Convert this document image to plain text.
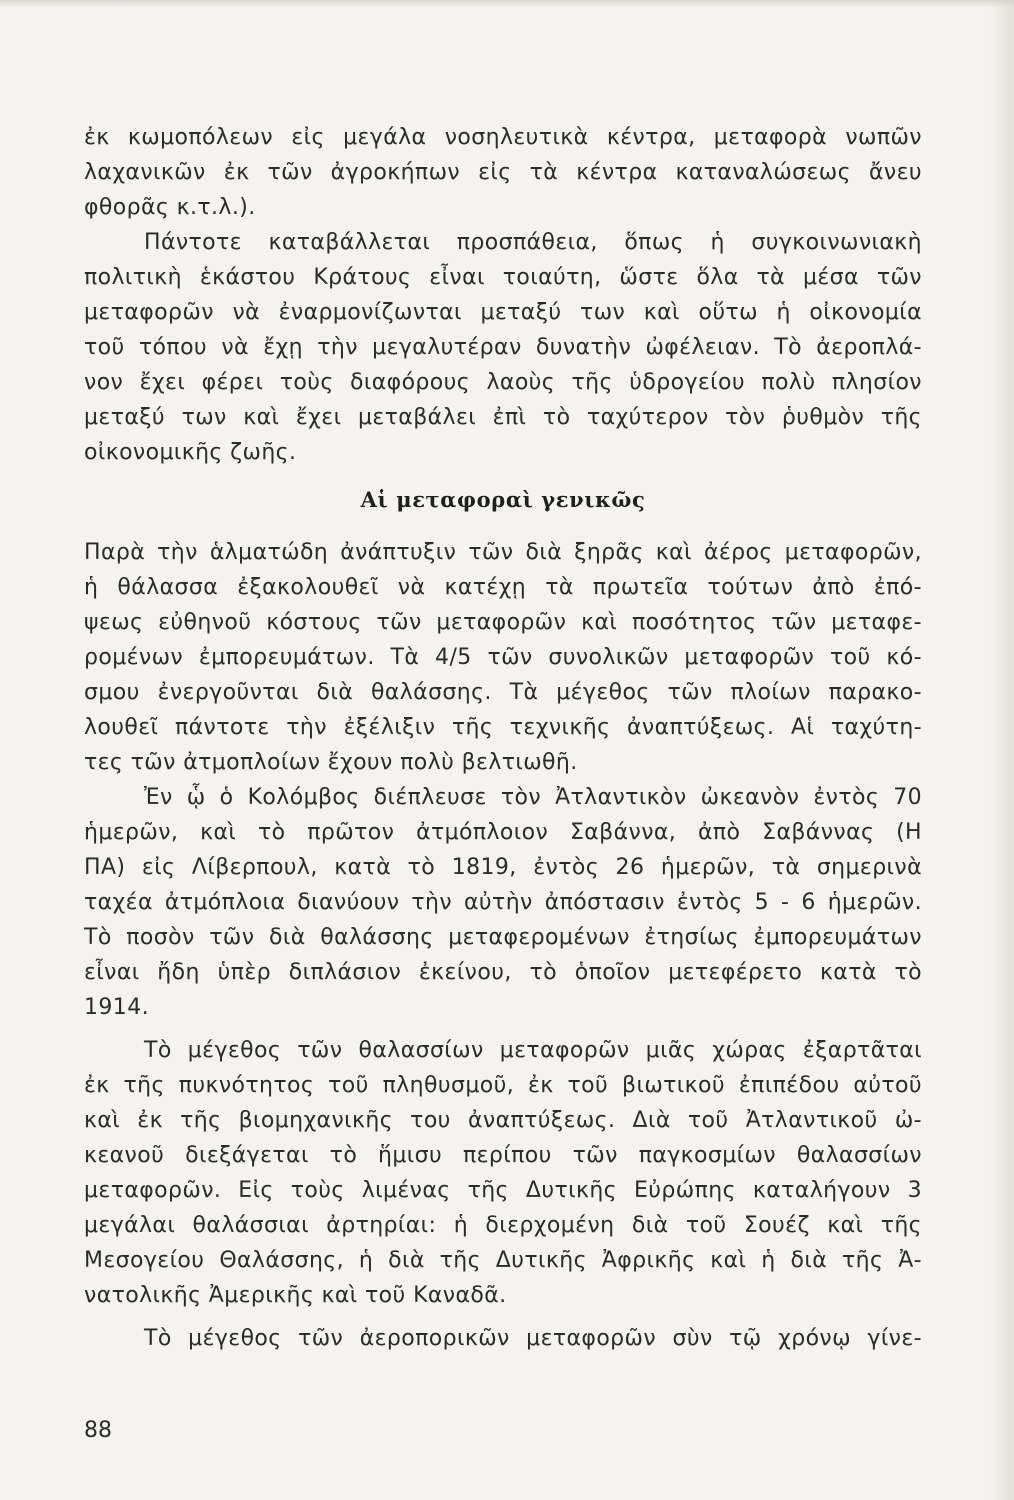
ἐκ κωμοπόλεων εἰς μεγάλα νοσηλευτικὰ κέντρα, μεταφορὰ νωπῶν
λαχανικῶν ἐκ τῶν ἀγροκήπων εἰς τὰ κέντρα καταναλώσεως ἄνευ
φθορᾶς κ.τ.λ.).
Πάντοτε καταβάλλεται προσπάθεια, ὅπως ἡ συγκοινωνιακὴ
πολιτικὴ ἑκάστου Κράτους εἶναι τοιαύτη, ὥστε ὅλα τὰ μέσα τῶν
μεταφορῶν νὰ ἐναρμονίζωνται μεταξύ των καὶ οὕτω ἡ οἰκονομία
τοῦ τόπου νὰ ἔχῃ τὴν μεγαλυτέραν δυνατὴν ὠφέλειαν. Τὸ ἀεροπλά-
νον ἔχει φέρει τοὺς διαφόρους λαοὺς τῆς ὑδρογείου πολὺ πλησίον
μεταξύ των καὶ ἔχει μεταβάλει ἐπὶ τὸ ταχύτερον τὸν ῥυθμὸν τῆς
οἰκονομικῆς ζωῆς.
Αἱ μεταφοραὶ γενικῶς
Παρὰ τὴν ἁλματώδη ἀνάπτυξιν τῶν διὰ ξηρᾶς καὶ ἀέρος μεταφορῶν,
ἡ θάλασσα ἐξακολουθεῖ νὰ κατέχῃ τὰ πρωτεῖα τούτων ἀπὸ ἐπό-
ψεως εὐθηνοῦ κόστους τῶν μεταφορῶν καὶ ποσότητος τῶν μεταφε-
ρομένων ἐμπορευμάτων. Τὰ 4/5 τῶν συνολικῶν μεταφορῶν τοῦ κό-
σμου ἐνεργοῦνται διὰ θαλάσσης. Τὰ μέγεθος τῶν πλοίων παρακο-
λουθεῖ πάντοτε τὴν ἐξέλιξιν τῆς τεχνικῆς ἀναπτύξεως. Αἱ ταχύτη-
τες τῶν ἀτμοπλοίων ἔχουν πολὺ βελτιωθῆ.
Ἐν ᾧ ὁ Κολόμβος διέπλευσε τὸν Ἀτλαντικὸν ὠκεανὸν ἐντὸς 70
ἡμερῶν, καὶ τὸ πρῶτον ἀτμόπλοιον Σαβάννα, ἀπὸ Σαβάννας (Η
ΠΑ) εἰς Λίβερπουλ, κατὰ τὸ 1819, ἐντὸς 26 ἡμερῶν, τὰ σημερινὰ
ταχέα ἀτμόπλοια διανύουν τὴν αὐτὴν ἀπόστασιν ἐντὸς 5 - 6 ἡμερῶν.
Τὸ ποσὸν τῶν διὰ θαλάσσης μεταφερομένων ἐτησίως ἐμπορευμάτων
εἶναι ἤδη ὑπὲρ διπλάσιον ἐκείνου, τὸ ὁποῖον μετεφέρετο κατὰ τὸ
1914.
Τὸ μέγεθος τῶν θαλασσίων μεταφορῶν μιᾶς χώρας ἐξαρτᾶται
ἐκ τῆς πυκνότητος τοῦ πληθυσμοῦ, ἐκ τοῦ βιωτικοῦ ἐπιπέδου αὐτοῦ
καὶ ἐκ τῆς βιομηχανικῆς του ἀναπτύξεως. Διὰ τοῦ Ἀτλαντικοῦ ὠ-
κεανοῦ διεξάγεται τὸ ἥμισυ περίπου τῶν παγκοσμίων θαλασσίων
μεταφορῶν. Εἰς τοὺς λιμένας τῆς Δυτικῆς Εὐρώπης καταλήγουν 3
μεγάλαι θαλάσσιαι ἀρτηρίαι: ἡ διερχομένη διὰ τοῦ Σουέζ καὶ τῆς
Μεσογείου Θαλάσσης, ἡ διὰ τῆς Δυτικῆς Ἀφρικῆς καὶ ἡ διὰ τῆς Ἀ-
νατολικῆς Ἀμερικῆς καὶ τοῦ Καναδᾶ.
Τὸ μέγεθος τῶν ἀεροπορικῶν μεταφορῶν σὺν τῷ χρόνῳ γίνε-
88
